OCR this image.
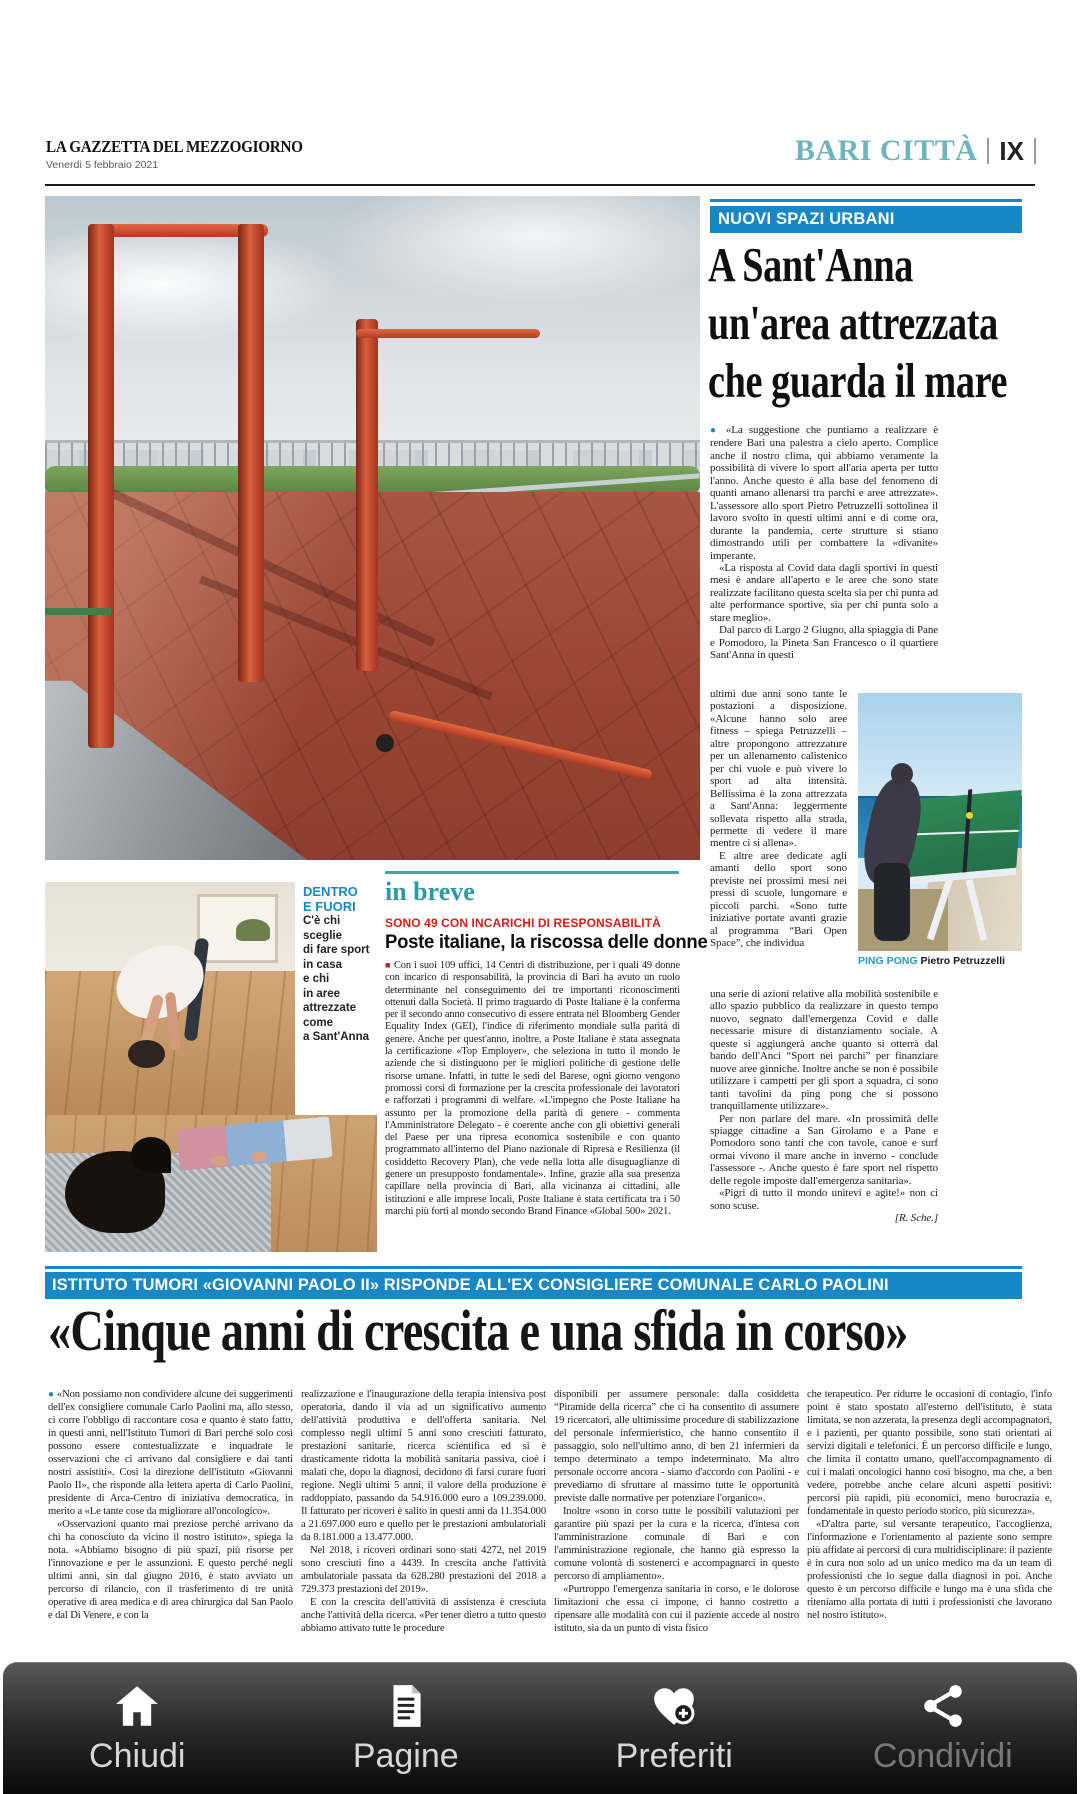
LA GAZZETTA DEL MEZZOGIORNO
Venerdì 5 febbraio 2021	BARI CITTÀ IX
NUOVI SPAZI URBANI
A Sant'Anna
un'area attrezzata
che guarda il mare

● «La suggestione che puntiamo a realizzare è rendere Bari una palestra a cielo aperto. Complice anche il nostro clima, qui abbiamo veramente la possibilità di vivere lo sport all'aria aperta per tutto l'anno. Anche questo è alla base del fenomeno di quanti amano allenarsi tra parchi e aree attrezzate». L'assessore allo sport Pietro Petruzzelli sottolinea il lavoro svolto in questi ultimi anni e di come ora, durante la pandemia, certe strutture si stiano dimostrando utili per combattere la «divanite» imperante.

«La risposta al Covid data dagli sportivi in questi mesi è andare all'aperto e le aree che sono state realizzate facilitano questa scelta sia per chi punta ad alte performance sportive, sia per chi punta solo a stare meglio».

Dal parco di Largo 2 Giugno, alla spiaggia di Pane e Pomodoro, la Pineta San Francesco o il quartiere Sant'Anna in questi

ultimi due anni sono tante le postazioni a disposizione. «Alcune hanno solo aree fitness – spiega Petruzzelli – altre propongono attrezzature per un allenamento calistenico per chi vuole e può vivere lo sport ad alta intensità. Bellissima è la zona attrezzata a Sant'Anna: leggermente sollevata rispetto alla strada, permette di vedere il mare mentre ci si allena».

E altre aree dedicate agli amanti dello sport sono previste nei prossimi mesi nei pressi di scuole, lungomare e piccoli parchi. «Sono tutte iniziative portate avanti grazie al programma “Bari Open Space”, che individua

una serie di azioni relative alla mobilità sostenibile e allo spazio pubblico da realizzare in questo tempo nuovo, segnato dall'emergenza Covid e dalle necessarie misure di distanziamento sociale. A queste si aggiungerà anche quanto si otterrà dal bando dell'Anci “Sport nei parchi” per finanziare nuove aree ginniche. Inoltre anche se non è possibile utilizzare i campetti per gli sport a squadra, ci sono tanti tavolini da ping pong che si possono tranquillamente utilizzare».

Per non parlare del mare. «In prossimità delle spiagge cittadine a San Girolamo e a Pane e Pomodoro sono tanti che con tavole, canoe e surf ormai vivono il mare anche in inverno - conclude l'assessore -. Anche questo è fare sport nel rispetto delle regole imposte dall'emergenza sanitaria».

«Pigri di tutto il mondo unitevi e agite!» non ci sono scuse.

[R. Sche.]

PING PONG Pietro Petruzzelli
DENTRO
E FUORI
C'è chi
sceglie
di fare sport
in casa
e chi
in aree
attrezzate
come
a Sant'Anna
in breve
SONO 49 CON INCARICHI DI RESPONSABILITÀ
Poste italiane, la riscossa delle donne

■ Con i suoi 109 uffici, 14 Centri di distribuzione, per i quali 49 donne con incarico di responsabilità, la provincia di Bari ha avuto un ruolo determinante nel conseguimento dei tre importanti riconoscimenti ottenuti dalla Società. Il primo traguardo di Poste Italiane è la conferma per il secondo anno consecutivo di essere entrata nel Bloomberg Gender Equality Index (GEI), l'indice di riferimento mondiale sulla parità di genere. Anche per quest'anno, inoltre, a Poste Italiane è stata assegnata la certificazione «Top Employer», che seleziona in tutto il mondo le aziende che si distinguono per le migliori politiche di gestione delle risorse umane. Infatti, in tutte le sedi del Barese, ogni giorno vengono promossi corsi di formazione per la crescita professionale dei lavoratori e rafforzati i programmi di welfare. «L'impegno che Poste Italiane ha assunto per la promozione della parità di genere - commenta l'Amministratore Delegato - è coerente anche con gli obiettivi generali del Paese per una ripresa economica sostenibile e con quanto programmato all'interno del Piano nazionale di Ripresa e Resilienza (il cosiddetto Recovery Plan), che vede nella lotta alle disuguaglianze di genere un presupposto fondamentale». Infine, grazie alla sua presenza capillare nella provincia di Bari, alla vicinanza ai cittadini, alle istituzioni e alle imprese locali, Poste Italiane è stata certificata tra i 50 marchi più forti al mondo secondo Brand Finance «Global 500» 2021.

ISTITUTO TUMORI «GIOVANNI PAOLO II» RISPONDE ALL'EX CONSIGLIERE COMUNALE CARLO PAOLINI
«Cinque anni di crescita e una sfida in corso»

● «Non possiamo non condividere alcune dei suggerimenti dell'ex consigliere comunale Carlo Paolini ma, allo stesso, ci corre l'obbligo di raccontare cosa e quanto è stato fatto, in questi anni, nell'Istituto Tumori di Bari perché solo così possono essere contestualizzate e inquadrate le osservazioni che ci arrivano dal consigliere e dai tanti nostri assistiti». Così la direzione dell'istituto «Giovanni Paolo II», che risponde alla lettera aperta di Carlo Paolini, presidente di Arca-Centro di iniziativa democratica, in merito a «Le tante cose da migliorare all'oncologico».

«Osservazioni quanto mai preziose perché arrivano da chi ha conosciuto da vicino il nostro istituto», spiega la nota. «Abbiamo bisogno di più spazi, più risorse per l'innovazione e per le assunzioni. E questo perché negli ultimi anni, sin dal giugno 2016, è stato avviato un percorso di rilancio, con il trasferimento di tre unità operative di area medica e di area chirurgica dal San Paolo e dal Di Venere, e con la

realizzazione e l'inaugurazione della terapia intensiva post operatoria, dando il via ad un significativo aumento dell'attività produttiva e dell'offerta sanitaria. Nel complesso negli ultimi 5 anni sono cresciuti fatturato, prestazioni sanitarie, ricerca scientifica ed si è drasticamente ridotta la mobilità sanitaria passiva, cioè i malati che, dopo la diagnosi, decidono di farsi curare fuori regione. Negli ultimi 5 anni, il valore della produzione è raddoppiato, passando da 54.916.000 euro a 109.239.000. Il fatturato per ricoveri è salito in questi anni da 11.354.000 a 21.697.000 euro e quello per le prestazioni ambulatoriali da 8.181.000 a 13.477.000.

Nel 2018, i ricoveri ordinari sono stati 4272, nel 2019 sono cresciuti fino a 4439. In crescita anche l'attività ambulatoriale passata da 628.280 prestazioni del 2018 a 729.373 prestazioni del 2019».

E con la crescita dell'attività di assistenza è cresciuta anche l'attività della ricerca. «Per tener dietro a tutto questo abbiamo attivato tutte le procedure

disponibili per assumere personale: dalla cosiddetta “Piramide della ricerca” che ci ha consentito di assumere 19 ricercatori, alle ultimissime procedure di stabilizzazione del personale infermieristico, che hanno consentito il passaggio, solo nell'ultimo anno, di ben 21 infermieri da tempo determinato a tempo indeterminato. Ma altro personale occorre ancora - siamo d'accordo con Paolini - e prevediamo di sfruttare al massimo tutte le opportunità previste dalle normative per potenziare l'organico».

Inoltre «sono in corso tutte le possibili valutazioni per garantire più spazi per la cura e la ricerca, d'intesa con l'amministrazione comunale di Bari e con l'amministrazione regionale, che hanno già espresso la comune volontà di sostenerci e accompagnarci in questo percorso di ampliamento».

«Purtroppo l'emergenza sanitaria in corso, e le dolorose limitazioni che essa ci impone, ci hanno costretto a ripensare alle modalità con cui il paziente accede al nostro istituto, sia da un punto di vista fisico

che terapeutico. Per ridurre le occasioni di contagio, l'info point è stato spostato all'esterno dell'istituto, è stata limitata, se non azzerata, la presenza degli accompagnatori, e i pazienti, per quanto possibile, sono stati orientati ai servizi digitali e telefonici. È un percorso difficile e lungo, che limita il contatto umano, quell'accompagnamento di cui i malati oncologici hanno così bisogno, ma che, a ben vedere, potrebbe anche celare alcuni aspetti positivi: percorsi più rapidi, più economici, meno burocrazia e, fondamentale in questo periodo storico, più sicurezza».

«D'altra parte, sul versante terapeutico, l'accoglienza, l'informazione e l'orientamento al paziente sono sempre più affidate ai percorsi di cura multidisciplinare: il paziente è in cura non solo ad un unico medico ma da un team di professionisti che lo segue dalla diagnosi in poi. Anche questo è un percorso difficile e lungo ma è una sfida che riteniamo alla portata di tutti i professionisti che lavorano nel nostro istituto».

Chiudi	Pagine	Preferiti	Condividi
